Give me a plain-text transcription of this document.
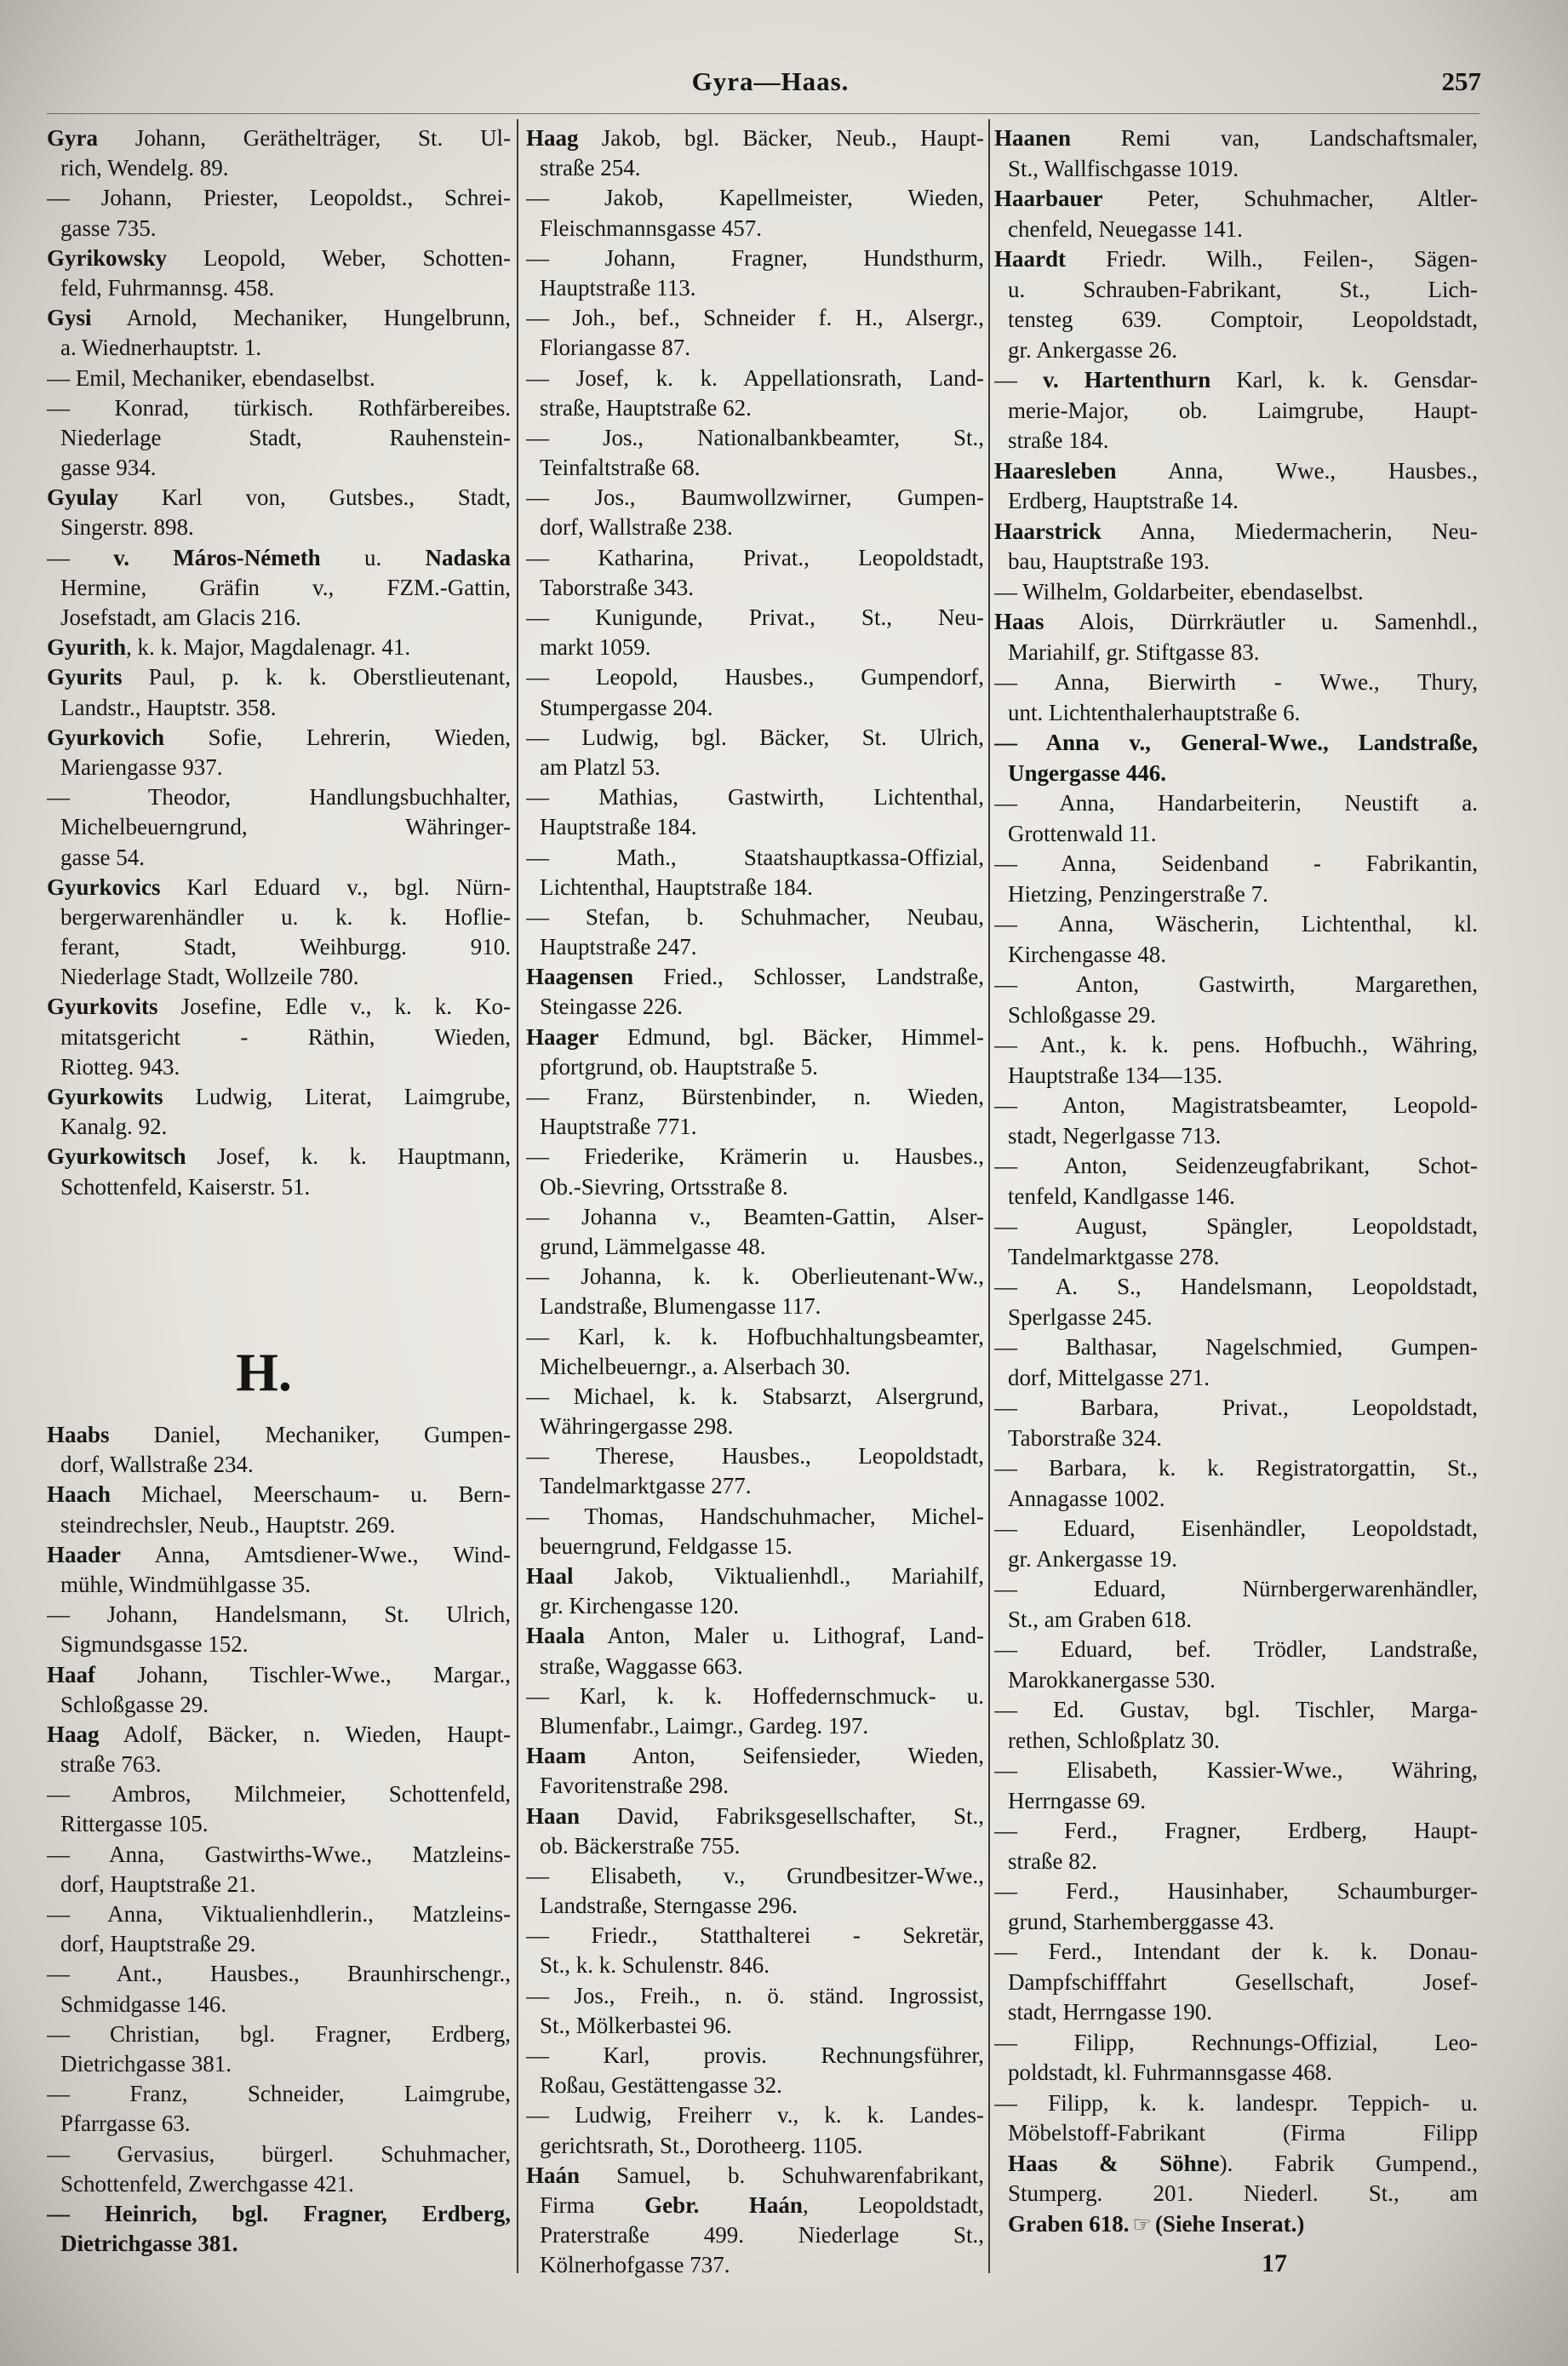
Gyra—Haas.	257
Gyra Johann, Geräthelträger, St. Ul-
rich, Wendelg. 89.
— Johann, Priester, Leopoldst., Schrei-
gasse 735.
Gyrikowsky Leopold, Weber, Schotten-
feld, Fuhrmannsg. 458.
Gysi Arnold, Mechaniker, Hungelbrunn,
a. Wiednerhauptstr. 1.
— Emil, Mechaniker, ebendaselbst.
— Konrad, türkisch. Rothfärbereibes.
Niederlage Stadt, Rauhenstein-
gasse 934.
Gyulay Karl von, Gutsbes., Stadt,
Singerstr. 898.
— v. Máros-Németh u. Nadaska
Hermine, Gräfin v., FZM.-Gattin,
Josefstadt, am Glacis 216.
Gyurith, k. k. Major, Magdalenagr. 41.
Gyurits Paul, p. k. k. Oberstlieutenant,
Landstr., Hauptstr. 358.
Gyurkovich Sofie, Lehrerin, Wieden,
Mariengasse 937.
— Theodor, Handlungsbuchhalter,
Michelbeuerngrund, Währinger-
gasse 54.
Gyurkovics Karl Eduard v., bgl. Nürn-
bergerwarenhändler u. k. k. Hoflie-
ferant, Stadt, Weihburgg. 910.
Niederlage Stadt, Wollzeile 780.
Gyurkovits Josefine, Edle v., k. k. Ko-
mitatsgericht - Räthin, Wieden,
Riotteg. 943.
Gyurkowits Ludwig, Literat, Laimgrube,
Kanalg. 92.
Gyurkowitsch Josef, k. k. Hauptmann,
Schottenfeld, Kaiserstr. 51.
H.
Haabs Daniel, Mechaniker, Gumpen-
dorf, Wallstraße 234.
Haach Michael, Meerschaum- u. Bern-
steindrechsler, Neub., Hauptstr. 269.
Haader Anna, Amtsdiener-Wwe., Wind-
mühle, Windmühlgasse 35.
— Johann, Handelsmann, St. Ulrich,
Sigmundsgasse 152.
Haaf Johann, Tischler-Wwe., Margar.,
Schloßgasse 29.
Haag Adolf, Bäcker, n. Wieden, Haupt-
straße 763.
— Ambros, Milchmeier, Schottenfeld,
Rittergasse 105.
— Anna, Gastwirths-Wwe., Matzleins-
dorf, Hauptstraße 21.
— Anna, Viktualienhdlerin., Matzleins-
dorf, Hauptstraße 29.
— Ant., Hausbes., Braunhirschengr.,
Schmidgasse 146.
— Christian, bgl. Fragner, Erdberg,
Dietrichgasse 381.
— Franz, Schneider, Laimgrube,
Pfarrgasse 63.
— Gervasius, bürgerl. Schuhmacher,
Schottenfeld, Zwerchgasse 421.
— Heinrich, bgl. Fragner, Erdberg,
Dietrichgasse 381.
Haag Jakob, bgl. Bäcker, Neub., Haupt-
straße 254.
— Jakob, Kapellmeister, Wieden,
Fleischmannsgasse 457.
— Johann, Fragner, Hundsthurm,
Hauptstraße 113.
— Joh., bef., Schneider f. H., Alsergr.,
Floriangasse 87.
— Josef, k. k. Appellationsrath, Land-
straße, Hauptstraße 62.
— Jos., Nationalbankbeamter, St.,
Teinfaltstraße 68.
— Jos., Baumwollzwirner, Gumpen-
dorf, Wallstraße 238.
— Katharina, Privat., Leopoldstadt,
Taborstraße 343.
— Kunigunde, Privat., St., Neu-
markt 1059.
— Leopold, Hausbes., Gumpendorf,
Stumpergasse 204.
— Ludwig, bgl. Bäcker, St. Ulrich,
am Platzl 53.
— Mathias, Gastwirth, Lichtenthal,
Hauptstraße 184.
— Math., Staatshauptkassa-Offizial,
Lichtenthal, Hauptstraße 184.
— Stefan, b. Schuhmacher, Neubau,
Hauptstraße 247.
Haagensen Fried., Schlosser, Landstraße,
Steingasse 226.
Haager Edmund, bgl. Bäcker, Himmel-
pfortgrund, ob. Hauptstraße 5.
— Franz, Bürstenbinder, n. Wieden,
Hauptstraße 771.
— Friederike, Krämerin u. Hausbes.,
Ob.-Sievring, Ortsstraße 8.
— Johanna v., Beamten-Gattin, Alser-
grund, Lämmelgasse 48.
— Johanna, k. k. Oberlieutenant-Ww.,
Landstraße, Blumengasse 117.
— Karl, k. k. Hofbuchhaltungsbeamter,
Michelbeuerngr., a. Alserbach 30.
— Michael, k. k. Stabsarzt, Alsergrund,
Währingergasse 298.
— Therese, Hausbes., Leopoldstadt,
Tandelmarktgasse 277.
— Thomas, Handschuhmacher, Michel-
beuerngrund, Feldgasse 15.
Haal Jakob, Viktualienhdl., Mariahilf,
gr. Kirchengasse 120.
Haala Anton, Maler u. Lithograf, Land-
straße, Waggasse 663.
— Karl, k. k. Hoffedernschmuck- u.
Blumenfabr., Laimgr., Gardeg. 197.
Haam Anton, Seifensieder, Wieden,
Favoritenstraße 298.
Haan David, Fabriksgesellschafter, St.,
ob. Bäckerstraße 755.
— Elisabeth, v., Grundbesitzer-Wwe.,
Landstraße, Sterngasse 296.
— Friedr., Statthalterei - Sekretär,
St., k. k. Schulenstr. 846.
— Jos., Freih., n. ö. ständ. Ingrossist,
St., Mölkerbastei 96.
— Karl, provis. Rechnungsführer,
Roßau, Gestättengasse 32.
— Ludwig, Freiherr v., k. k. Landes-
gerichtsrath, St., Dorotheerg. 1105.
Haán Samuel, b. Schuhwarenfabrikant,
Firma Gebr. Haán, Leopoldstadt,
Praterstraße 499. Niederlage St.,
Kölnerhofgasse 737.
Haanen Remi van, Landschaftsmaler,
St., Wallfischgasse 1019.
Haarbauer Peter, Schuhmacher, Altler-
chenfeld, Neuegasse 141.
Haardt Friedr. Wilh., Feilen-, Sägen-
u. Schrauben-Fabrikant, St., Lich-
tensteg 639. Comptoir, Leopoldstadt,
gr. Ankergasse 26.
— v. Hartenthurn Karl, k. k. Gensdar-
merie-Major, ob. Laimgrube, Haupt-
straße 184.
Haaresleben Anna, Wwe., Hausbes.,
Erdberg, Hauptstraße 14.
Haarstrick Anna, Miedermacherin, Neu-
bau, Hauptstraße 193.
— Wilhelm, Goldarbeiter, ebendaselbst.
Haas Alois, Dürrkräutler u. Samenhdl.,
Mariahilf, gr. Stiftgasse 83.
— Anna, Bierwirth - Wwe., Thury,
unt. Lichtenthalerhauptstraße 6.
— Anna v., General-Wwe., Landstraße,
Ungergasse 446.
— Anna, Handarbeiterin, Neustift a.
Grottenwald 11.
— Anna, Seidenband - Fabrikantin,
Hietzing, Penzingerstraße 7.
— Anna, Wäscherin, Lichtenthal, kl.
Kirchengasse 48.
— Anton, Gastwirth, Margarethen,
Schloßgasse 29.
— Ant., k. k. pens. Hofbuchh., Währing,
Hauptstraße 134—135.
— Anton, Magistratsbeamter, Leopold-
stadt, Negerlgasse 713.
— Anton, Seidenzeugfabrikant, Schot-
tenfeld, Kandlgasse 146.
— August, Spängler, Leopoldstadt,
Tandelmarktgasse 278.
— A. S., Handelsmann, Leopoldstadt,
Sperlgasse 245.
— Balthasar, Nagelschmied, Gumpen-
dorf, Mittelgasse 271.
— Barbara, Privat., Leopoldstadt,
Taborstraße 324.
— Barbara, k. k. Registratorgattin, St.,
Annagasse 1002.
— Eduard, Eisenhändler, Leopoldstadt,
gr. Ankergasse 19.
— Eduard, Nürnbergerwarenhändler,
St., am Graben 618.
— Eduard, bef. Trödler, Landstraße,
Marokkanergasse 530.
— Ed. Gustav, bgl. Tischler, Marga-
rethen, Schloßplatz 30.
— Elisabeth, Kassier-Wwe., Währing,
Herrngasse 69.
— Ferd., Fragner, Erdberg, Haupt-
straße 82.
— Ferd., Hausinhaber, Schaumburger-
grund, Starhemberggasse 43.
— Ferd., Intendant der k. k. Donau-
Dampfschifffahrt Gesellschaft, Josef-
stadt, Herrngasse 190.
— Filipp, Rechnungs-Offizial, Leo-
poldstadt, kl. Fuhrmannsgasse 468.
— Filipp, k. k. landespr. Teppich- u.
Möbelstoff-Fabrikant (Firma Filipp
Haas & Söhne). Fabrik Gumpend.,
Stumperg. 201. Niederl. St., am
Graben 618. ☞ (Siehe Inserat.)
17
